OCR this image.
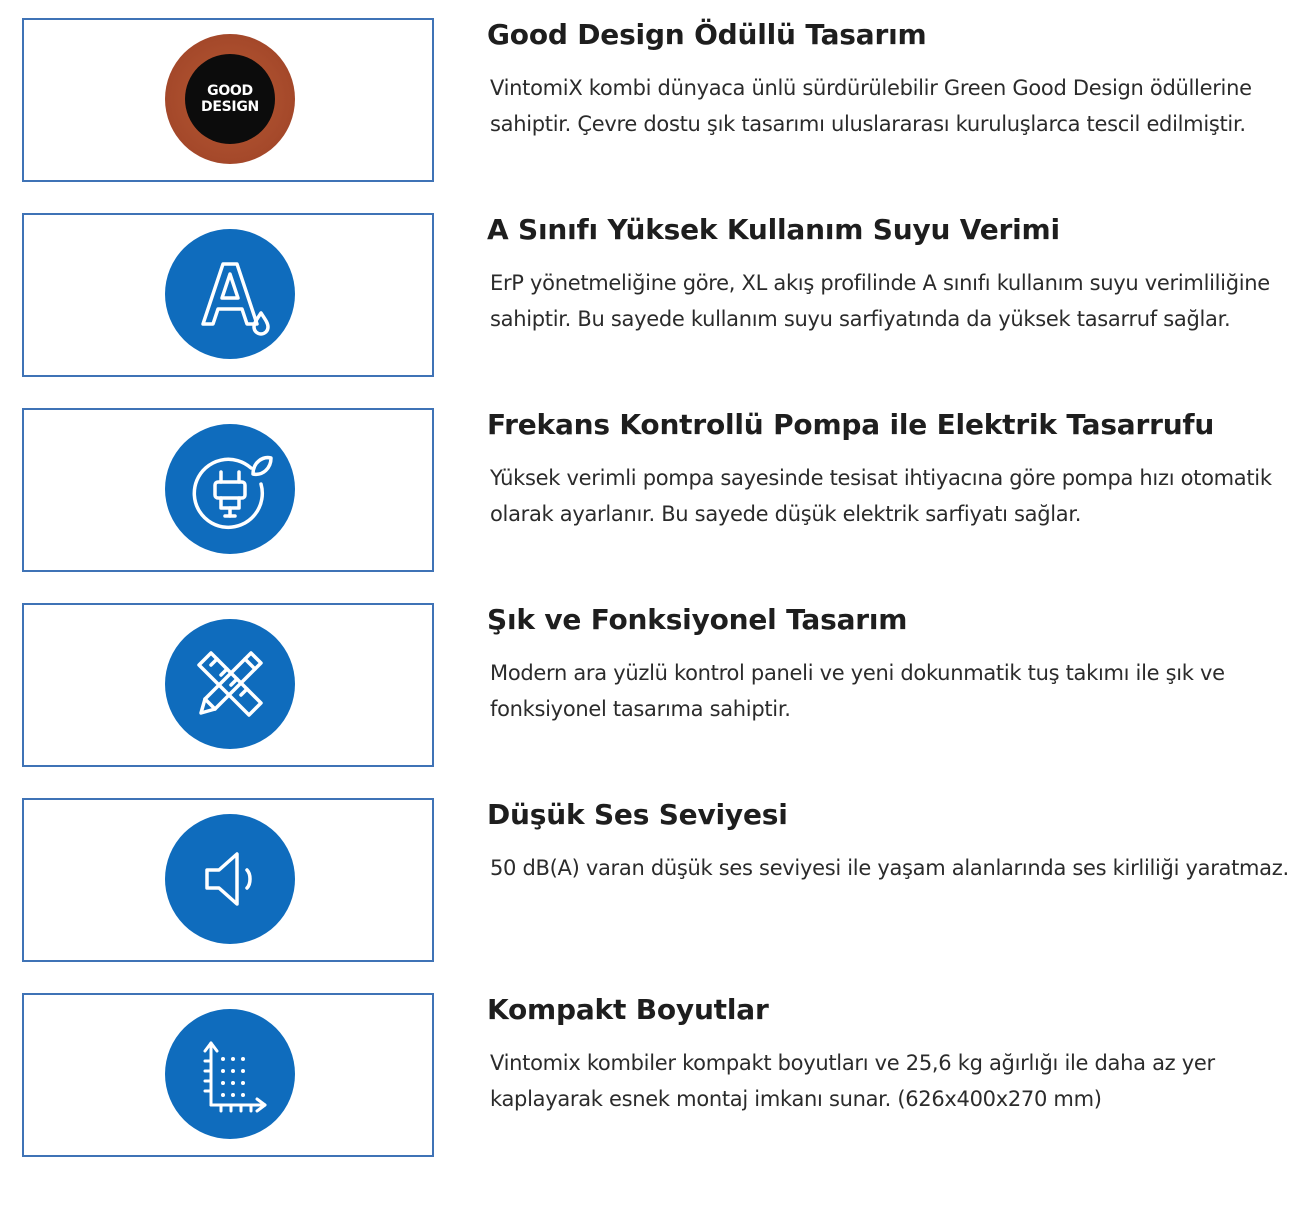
GOOD
DESIGN
Good Design Ödüllü Tasarım
VintomiX kombi dünyaca ünlü sürdürülebilir Green Good Design ödüllerine sahiptir. Çevre dostu şık tasarımı uluslararası kuruluşlarca tescil edilmiştir.
A Sınıfı Yüksek Kullanım Suyu Verimi
ErP yönetmeliğine göre, XL akış profilinde A sınıfı kullanım suyu verimliliğine sahiptir. Bu sayede kullanım suyu sarfiyatında da yüksek tasarruf sağlar.
Frekans Kontrollü Pompa ile Elektrik Tasarrufu
Yüksek verimli pompa sayesinde tesisat ihtiyacına göre pompa hızı otomatik olarak ayarlanır. Bu sayede düşük elektrik sarfiyatı sağlar.
Şık ve Fonksiyonel Tasarım
Modern ara yüzlü kontrol paneli ve yeni dokunmatik tuş takımı ile şık ve fonksiyonel tasarıma sahiptir.
Düşük Ses Seviyesi
50 dB(A) varan düşük ses seviyesi ile yaşam alanlarında ses kirliliği yaratmaz.
Kompakt Boyutlar
Vintomix kombiler kompakt boyutları ve 25,6 kg ağırlığı ile daha az yer kaplayarak esnek montaj imkanı sunar. (626x400x270 mm)
